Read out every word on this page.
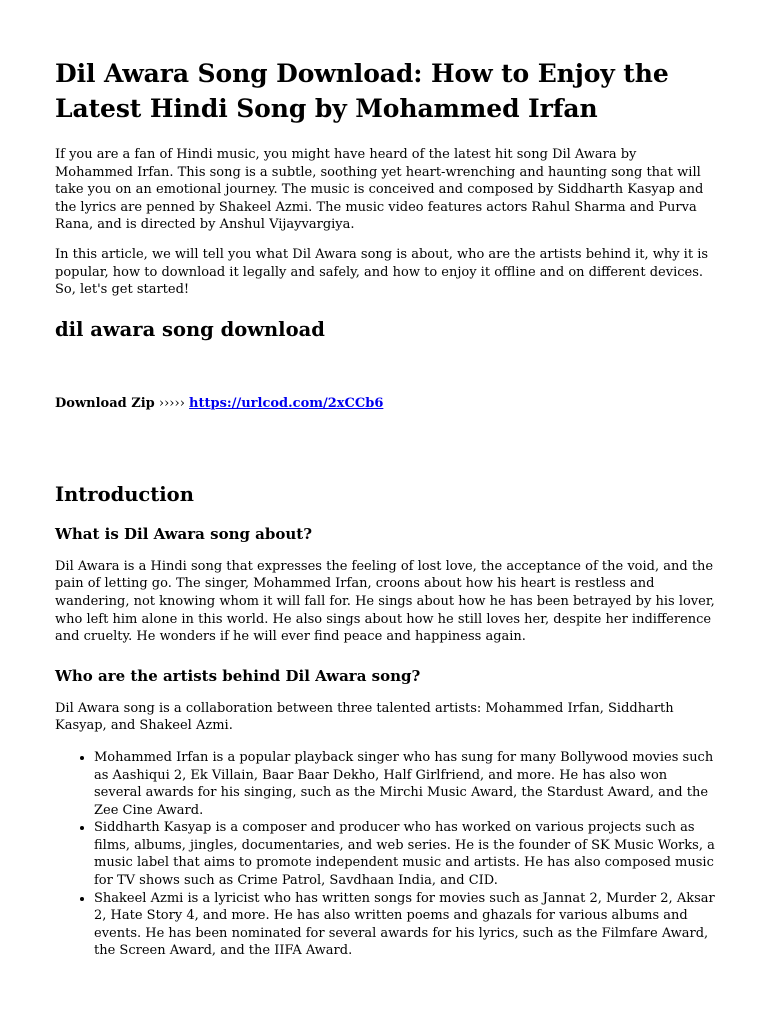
Dil Awara Song Download: How to Enjoy the Latest Hindi Song by Mohammed Irfan

If you are a fan of Hindi music, you might have heard of the latest hit song Dil Awara by Mohammed Irfan. This song is a subtle, soothing yet heart-wrenching and haunting song that will take you on an emotional journey. The music is conceived and composed by Siddharth Kasyap and the lyrics are penned by Shakeel Azmi. The music video features actors Rahul Sharma and Purva Rana, and is directed by Anshul Vijayvargiya.

In this article, we will tell you what Dil Awara song is about, who are the artists behind it, why it is popular, how to download it legally and safely, and how to enjoy it offline and on different devices. So, let's get started!

dil awara song download
Download Zip ››››› https://urlcod.com/2xCCb6
Introduction
What is Dil Awara song about?

Dil Awara is a Hindi song that expresses the feeling of lost love, the acceptance of the void, and the pain of letting go. The singer, Mohammed Irfan, croons about how his heart is restless and wandering, not knowing whom it will fall for. He sings about how he has been betrayed by his lover, who left him alone in this world. He also sings about how he still loves her, despite her indifference and cruelty. He wonders if he will ever find peace and happiness again.

Who are the artists behind Dil Awara song?

Dil Awara song is a collaboration between three talented artists: Mohammed Irfan, Siddharth Kasyap, and Shakeel Azmi.

• Mohammed Irfan is a popular playback singer who has sung for many Bollywood movies such as Aashiqui 2, Ek Villain, Baar Baar Dekho, Half Girlfriend, and more. He has also won several awards for his singing, such as the Mirchi Music Award, the Stardust Award, and the Zee Cine Award.
• Siddharth Kasyap is a composer and producer who has worked on various projects such as films, albums, jingles, documentaries, and web series. He is the founder of SK Music Works, a music label that aims to promote independent music and artists. He has also composed music for TV shows such as Crime Patrol, Savdhaan India, and CID.
• Shakeel Azmi is a lyricist who has written songs for movies such as Jannat 2, Murder 2, Aksar 2, Hate Story 4, and more. He has also written poems and ghazals for various albums and events. He has been nominated for several awards for his lyrics, such as the Filmfare Award, the Screen Award, and the IIFA Award.
